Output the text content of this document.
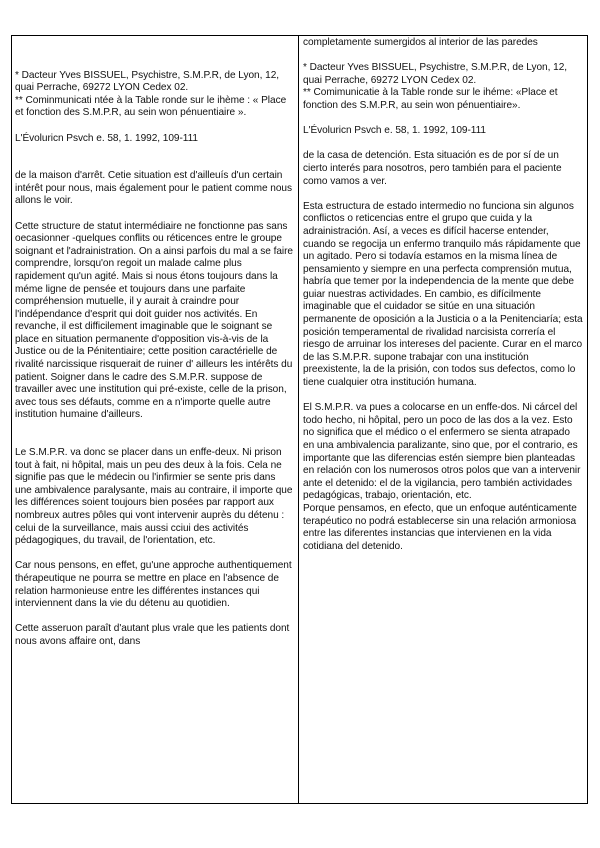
* Dacteur Yves BISSUEL, Psychistre, S.M.P.R, de Lyon, 12, quai Perrache, 69272 LYON Cedex 02.

** Cominmunicati ntée à la Table ronde sur le ihème : « Place et fonction des S.M.P.R, au sein won pénuentiaire ».

L'Évoluricn Psvch e. 58, 1. 1992, 109-111

de la maison d'arrêt. Cetie situation est d'ailleuís d'un certain intérêt pour nous, mais également pour le patient comme nous allons le voir.

Cette structure de statut intermédiaire ne fonctionne pas sans oecasionner -quelques conflits ou réticences entre le groupe soignant et l'adrainistration. On a ainsi parfois du mal a se faire comprendre, lorsqu'on regoit un malade calme plus rapidement qu'un agité. Mais si nous étons toujours dans la méme ligne de pensée et toujours dans une parfaite compréhension mutuelle, il y aurait à craindre pour l'indépendance d'esprit qui doit guider nos activités. En revanche, il est difficilement imaginable que le soignant se place en situation permanente d'opposition vis-à-vis de la Justice ou de la Pénitentiaire; cette position caractérielle de rivalité narcissique risquerait de ruiner d' ailleurs les intérêts du patient. Soigner dans le cadre des S.M.P.R. suppose de travailler avec une institution qui pré-existe, celle de la prison, avec tous ses défauts, comme en a n'importe quelle autre institution humaine d'ailleurs.

Le S.M.P.R. va donc se placer dans un enffe-deux. Ni prison tout à fait, ni hôpital, mais un peu des deux à la fois. Cela ne signifie pas que le médecin ou l'infirmier se sente pris dans une ambivalence paralysante, mais au contraire, il importe que les différences soient toujours bien posées par rapport aux nombreux autres pôles qui vont intervenir auprès du détenu : celui de la surveillance, mais aussi cciui des activités pédagogiques, du travail, de l'orientation, etc.

Car nous pensons, en effet, gu'une approche authentiquement thérapeutique ne pourra se mettre en place en l'absence de relation harmonieuse entre les différentes instances qui interviennent dans la vie du détenu au quotidien.

Cette asseruon paraît d'autant plus vrale que les patients dont nous avons affaire ont, dans

completamente sumergidos al interior de las paredes

* Dacteur Yves BISSUEL, Psychistre, S.M.P.R, de Lyon, 12, quai Perrache, 69272 LYON Cedex 02.

** Comimunicatie à la Table ronde sur le ihéme: «Place et fonction des S.M.P.R, au sein won pénuentiaire».

L'Évoluricn Psvch e. 58, 1. 1992, 109-111

de la casa de detención. Esta situación es de por sí de un cierto interés para nosotros, pero también para el paciente como vamos a ver.

Esta estructura de estado intermedio no funciona sin algunos conflictos o reticencias entre el grupo que cuida y la adrainistración. Así, a veces es difícil hacerse entender, cuando se regocija un enfermo tranquilo más rápidamente que un agitado. Pero si todavía estamos en la misma línea de pensamiento y siempre en una perfecta comprensión mutua, habría que temer por la independencia de la mente que debe guiar nuestras actividades. En cambio, es difícilmente imaginable que el cuidador se sitúe en una situación permanente de oposición a la Justicia o a la Penitenciaría; esta posición temperamental de rivalidad narcisista correría el riesgo de arruinar los intereses del paciente. Curar en el marco de las S.M.P.R. supone trabajar con una institución preexistente, la de la prisión, con todos sus defectos, como lo tiene cualquier otra institución humana.

El S.M.P.R. va pues a colocarse en un enffe-dos. Ni cárcel del todo hecho, ni hôpital, pero un poco de las dos a la vez. Esto no significa que el médico o el enfermero se sienta atrapado en una ambivalencia paralizante, sino que, por el contrario, es importante que las diferencias estén siempre bien planteadas en relación con los numerosos otros polos que van a intervenir ante el detenido: el de la vigilancia, pero también actividades pedagógicas, trabajo, orientación, etc.

Porque pensamos, en efecto, que un enfoque auténticamente terapéutico no podrá establecerse sin una relación armoniosa entre las diferentes instancias que intervienen en la vida cotidiana del detenido.
